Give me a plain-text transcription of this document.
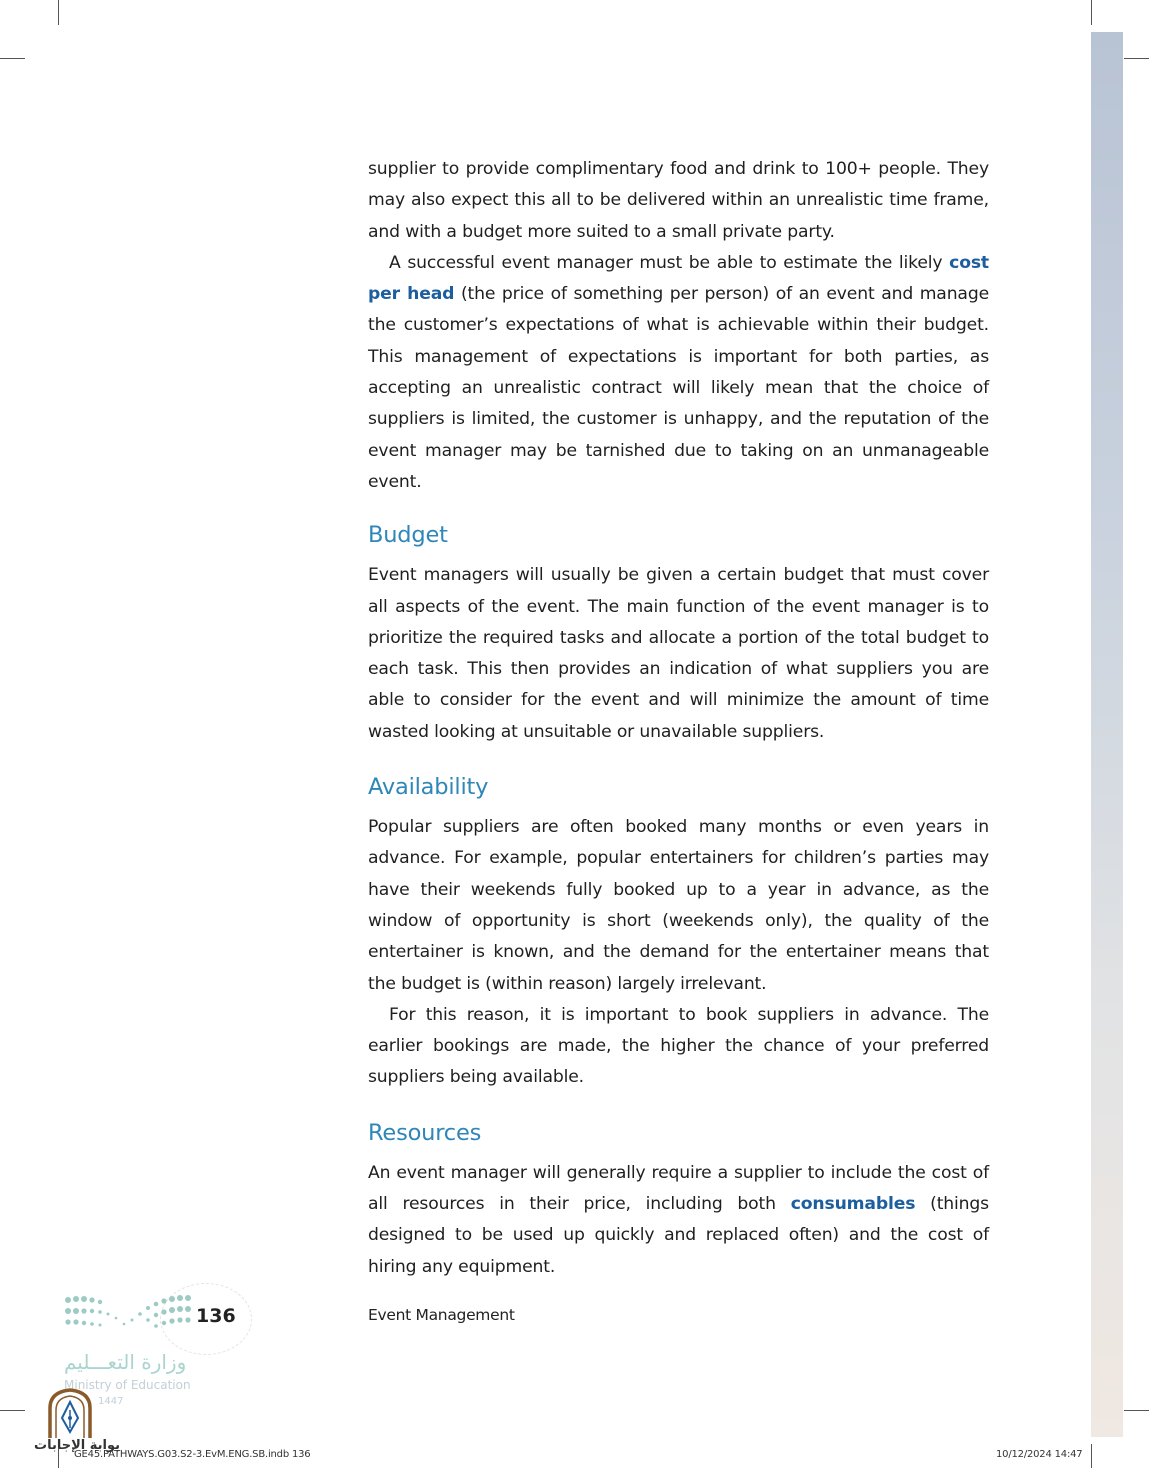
supplier to provide complimentary food and drink to 100+ people. They may also expect this all to be delivered within an unrealistic time frame, and with a budget more suited to a small private party.

A successful event manager must be able to estimate the likely cost per head (the price of something per person) of an event and manage the customer’s expectations of what is achievable within their budget. This management of expectations is important for both parties, as accepting an unrealistic contract will likely mean that the choice of suppliers is limited, the customer is unhappy, and the reputation of the event manager may be tarnished due to taking on an unmanageable event.

Budget

Event managers will usually be given a certain budget that must cover all aspects of the event. The main function of the event manager is to prioritize the required tasks and allocate a portion of the total budget to each task. This then provides an indication of what suppliers you are able to consider for the event and will minimize the amount of time wasted looking at unsuitable or unavailable suppliers.

Availability

Popular suppliers are often booked many months or even years in advance. For example, popular entertainers for children’s parties may have their weekends fully booked up to a year in advance, as the window of opportunity is short (weekends only), the quality of the entertainer is known, and the demand for the entertainer means that the budget is (within reason) largely irrelevant.

For this reason, it is important to book suppliers in advance. The earlier bookings are made, the higher the chance of your preferred suppliers being available.

Resources

An event manager will generally require a supplier to include the cost of all resources in their price, including both consumables (things designed to be used up quickly and replaced often) and the cost of hiring any equipment.

136	Event Management
وزارة التعـــليم
Ministry of Education
1447
بوابة الإجابات
GE45.PATHWAYS.G03.S2-3.EvM.ENG.SB.indb 136	10/12/2024 14:47
